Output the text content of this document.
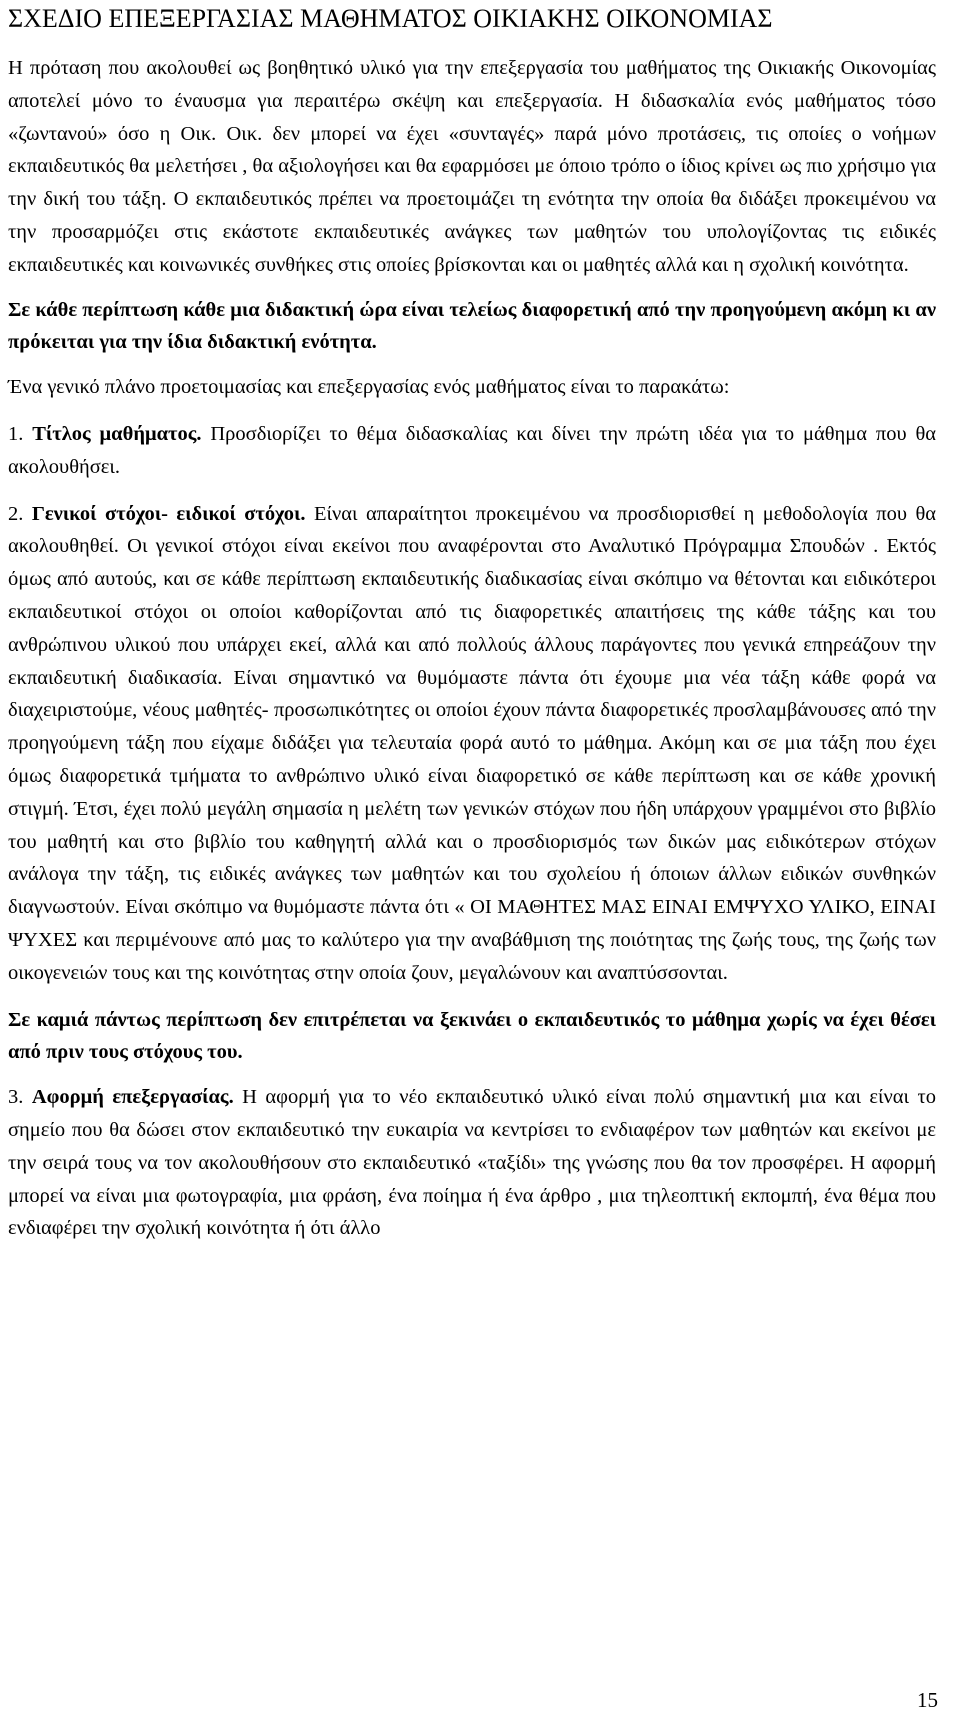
ΣΧΕΔΙΟ ΕΠΕΞΕΡΓΑΣΙΑΣ ΜΑΘΗΜΑΤΟΣ ΟΙΚΙΑΚΗΣ ΟΙΚΟΝΟΜΙΑΣ

Η πρόταση που ακολουθεί ως βοηθητικό υλικό για την επεξεργασία του μαθήματος της Οικιακής Οικονομίας αποτελεί μόνο το έναυσμα για περαιτέρω σκέψη και επεξεργασία. Η διδασκαλία ενός μαθήματος τόσο «ζωντανού» όσο η Οικ. Οικ. δεν μπορεί να έχει «συνταγές» παρά μόνο προτάσεις, τις οποίες ο νοήμων εκπαιδευτικός θα μελετήσει , θα αξιολογήσει και θα εφαρμόσει με όποιο τρόπο ο ίδιος κρίνει ως πιο χρήσιμο για την δική του τάξη. Ο εκπαιδευτικός πρέπει να προετοιμάζει τη ενότητα την οποία θα διδάξει προκειμένου να την προσαρμόζει στις εκάστοτε εκπαιδευτικές ανάγκες των μαθητών του υπολογίζοντας τις ειδικές εκπαιδευτικές και κοινωνικές συνθήκες στις οποίες βρίσκονται και οι μαθητές αλλά και η σχολική κοινότητα.

Σε κάθε περίπτωση κάθε μια διδακτική ώρα είναι τελείως διαφορετική από την προηγούμενη ακόμη κι αν πρόκειται για την ίδια διδακτική ενότητα.

Ένα γενικό πλάνο προετοιμασίας και επεξεργασίας ενός μαθήματος είναι το παρακάτω:

1. Τίτλος μαθήματος. Προσδιορίζει το θέμα διδασκαλίας και δίνει την πρώτη ιδέα για το μάθημα που θα ακολουθήσει.

2. Γενικοί στόχοι- ειδικοί στόχοι. Είναι απαραίτητοι προκειμένου να προσδιορισθεί η μεθοδολογία που θα ακολουθηθεί. Οι γενικοί στόχοι είναι εκείνοι που αναφέρονται στο Αναλυτικό Πρόγραμμα Σπουδών . Εκτός όμως από αυτούς, και σε κάθε περίπτωση εκπαιδευτικής διαδικασίας είναι σκόπιμο να θέτονται και ειδικότεροι εκπαιδευτικοί στόχοι οι οποίοι καθορίζονται από τις διαφορετικές απαιτήσεις της κάθε τάξης και του ανθρώπινου υλικού που υπάρχει εκεί, αλλά και από πολλούς άλλους παράγοντες που γενικά επηρεάζουν την εκπαιδευτική διαδικασία. Είναι σημαντικό να θυμόμαστε πάντα ότι έχουμε μια νέα τάξη κάθε φορά να διαχειριστούμε, νέους μαθητές- προσωπικότητες οι οποίοι έχουν πάντα διαφορετικές προσλαμβάνουσες από την προηγούμενη τάξη που είχαμε διδάξει για τελευταία φορά αυτό το μάθημα. Ακόμη και σε μια τάξη που έχει όμως διαφορετικά τμήματα το ανθρώπινο υλικό είναι διαφορετικό σε κάθε περίπτωση και σε κάθε χρονική στιγμή. Έτσι, έχει πολύ μεγάλη σημασία η μελέτη των γενικών στόχων που ήδη υπάρχουν γραμμένοι στο βιβλίο του μαθητή και στο βιβλίο του καθηγητή αλλά και ο προσδιορισμός των δικών μας ειδικότερων στόχων ανάλογα την τάξη, τις ειδικές ανάγκες των μαθητών και του σχολείου ή όποιων άλλων ειδικών συνθηκών διαγνωστούν. Είναι σκόπιμο να θυμόμαστε πάντα ότι « ΟΙ ΜΑΘΗΤΕΣ ΜΑΣ ΕΙΝΑΙ ΕΜΨΥΧΟ ΥΛΙΚΟ, ΕΙΝΑΙ ΨΥΧΕΣ και περιμένουνε από μας το καλύτερο για την αναβάθμιση της ποιότητας της ζωής τους, της ζωής των οικογενειών τους και της κοινότητας στην οποία ζουν, μεγαλώνουν και αναπτύσσονται.

Σε καμιά πάντως περίπτωση δεν επιτρέπεται να ξεκινάει ο εκπαιδευτικός το μάθημα χωρίς να έχει θέσει από πριν τους στόχους του.

3. Αφορμή επεξεργασίας. Η αφορμή για το νέο εκπαιδευτικό υλικό είναι πολύ σημαντική μια και είναι το σημείο που θα δώσει στον εκπαιδευτικό την ευκαιρία να κεντρίσει το ενδιαφέρον των μαθητών και εκείνοι με την σειρά τους να τον ακολουθήσουν στο εκπαιδευτικό «ταξίδι» της γνώσης που θα τον προσφέρει. Η αφορμή μπορεί να είναι μια φωτογραφία, μια φράση, ένα ποίημα ή ένα άρθρο , μια τηλεοπτική εκπομπή, ένα θέμα που ενδιαφέρει την σχολική κοινότητα ή ότι άλλο

15
